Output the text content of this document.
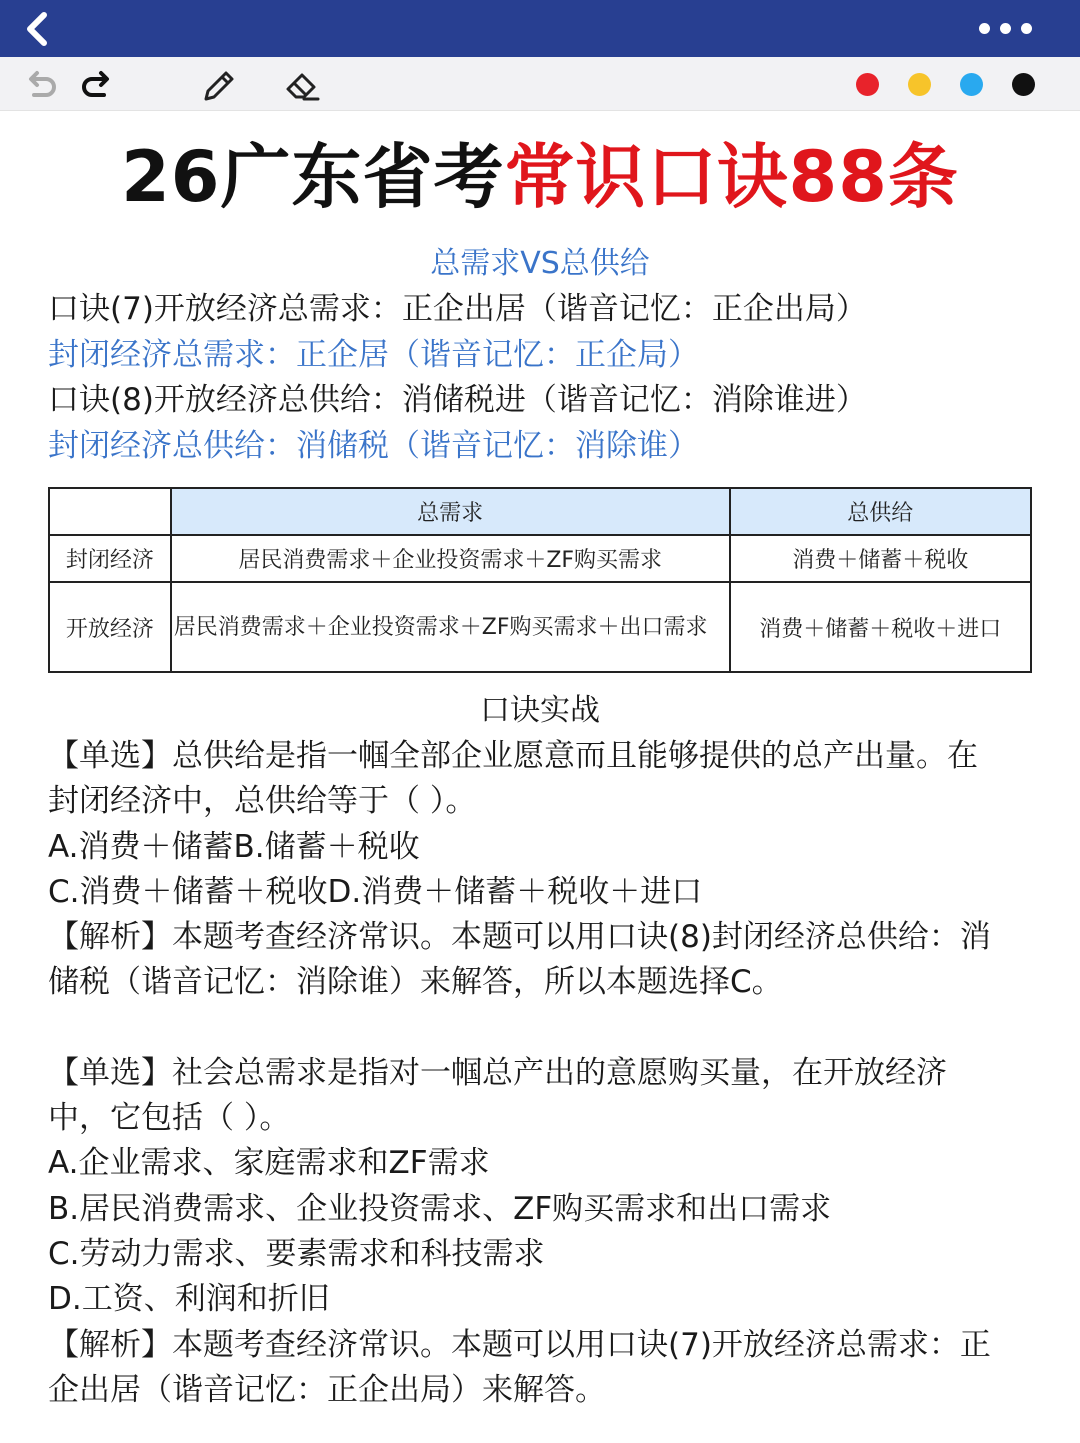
26广东省考常识口诀88条
总需求VS总供给
口诀(7)开放经济总需求：正企出居（谐音记忆：正企出局）
封闭经济总需求：正企居（谐音记忆：正企局）
口诀(8)开放经济总供给：消储税进（谐音记忆：消除谁进）
封闭经济总供给：消储税（谐音记忆：消除谁）
	总需求	总供给
封闭经济	居民消费需求＋企业投资需求＋ZF购买需求	消费＋储蓄＋税收
开放经济	居民消费需求＋企业投资需求＋ZF购买需求＋出口需求	消费＋储蓄＋税收＋进口
口诀实战
【单选】总供给是指一帼全部企业愿意而且能够提供的总产出量。在
封闭经济中，总供给等于（ ）。
A.消费＋储蓄B.储蓄＋税收
C.消费＋储蓄＋税收D.消费＋储蓄＋税收＋进口
【解析】本题考查经济常识。本题可以用口诀(8)封闭经济总供给：消
储税（谐音记忆：消除谁）来解答，所以本题选择C。
【单选】社会总需求是指对一帼总产出的意愿购买量，在开放经济
中，它包括（ ）。
A.企业需求、家庭需求和ZF需求
B.居民消费需求、企业投资需求、ZF购买需求和出口需求
C.劳动力需求、要素需求和科技需求
D.工资、利润和折旧
【解析】本题考查经济常识。本题可以用口诀(7)开放经济总需求：正
企出居（谐音记忆：正企出局）来解答。
